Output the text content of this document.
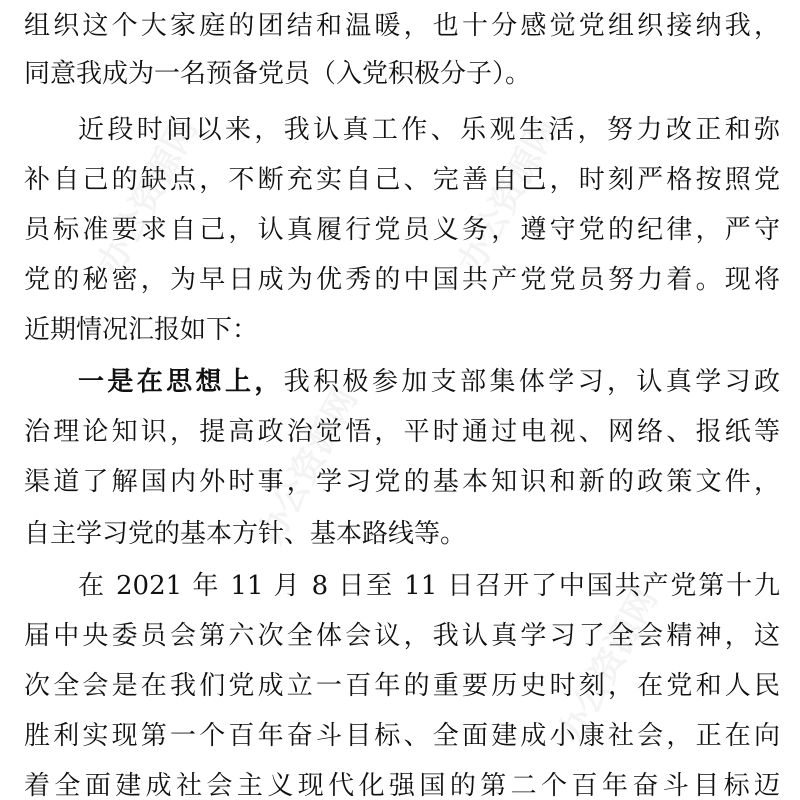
办公资源网	办公资源网
办公资源网
办公资源网
组织这个大家庭的团结和温暖，也十分感觉党组织接纳我，
同意我成为一名预备党员（入党积极分子）。
近段时间以来，我认真工作、乐观生活，努力改正和弥
补自己的缺点，不断充实自己、完善自己，时刻严格按照党
员标准要求自己，认真履行党员义务，遵守党的纪律，严守
党的秘密，为早日成为优秀的中国共产党党员努力着。现将
近期情况汇报如下：
一是在思想上，我积极参加支部集体学习，认真学习政
治理论知识，提高政治觉悟，平时通过电视、网络、报纸等
渠道了解国内外时事，学习党的基本知识和新的政策文件，
自主学习党的基本方针、基本路线等。
在 2021 年 11 月 8 日至 11 日召开了中国共产党第十九
届中央委员会第六次全体会议，我认真学习了全会精神，这
次全会是在我们党成立一百年的重要历史时刻，在党和人民
胜利实现第一个百年奋斗目标、全面建成小康社会，正在向
着全面建成社会主义现代化强国的第二个百年奋斗目标迈
